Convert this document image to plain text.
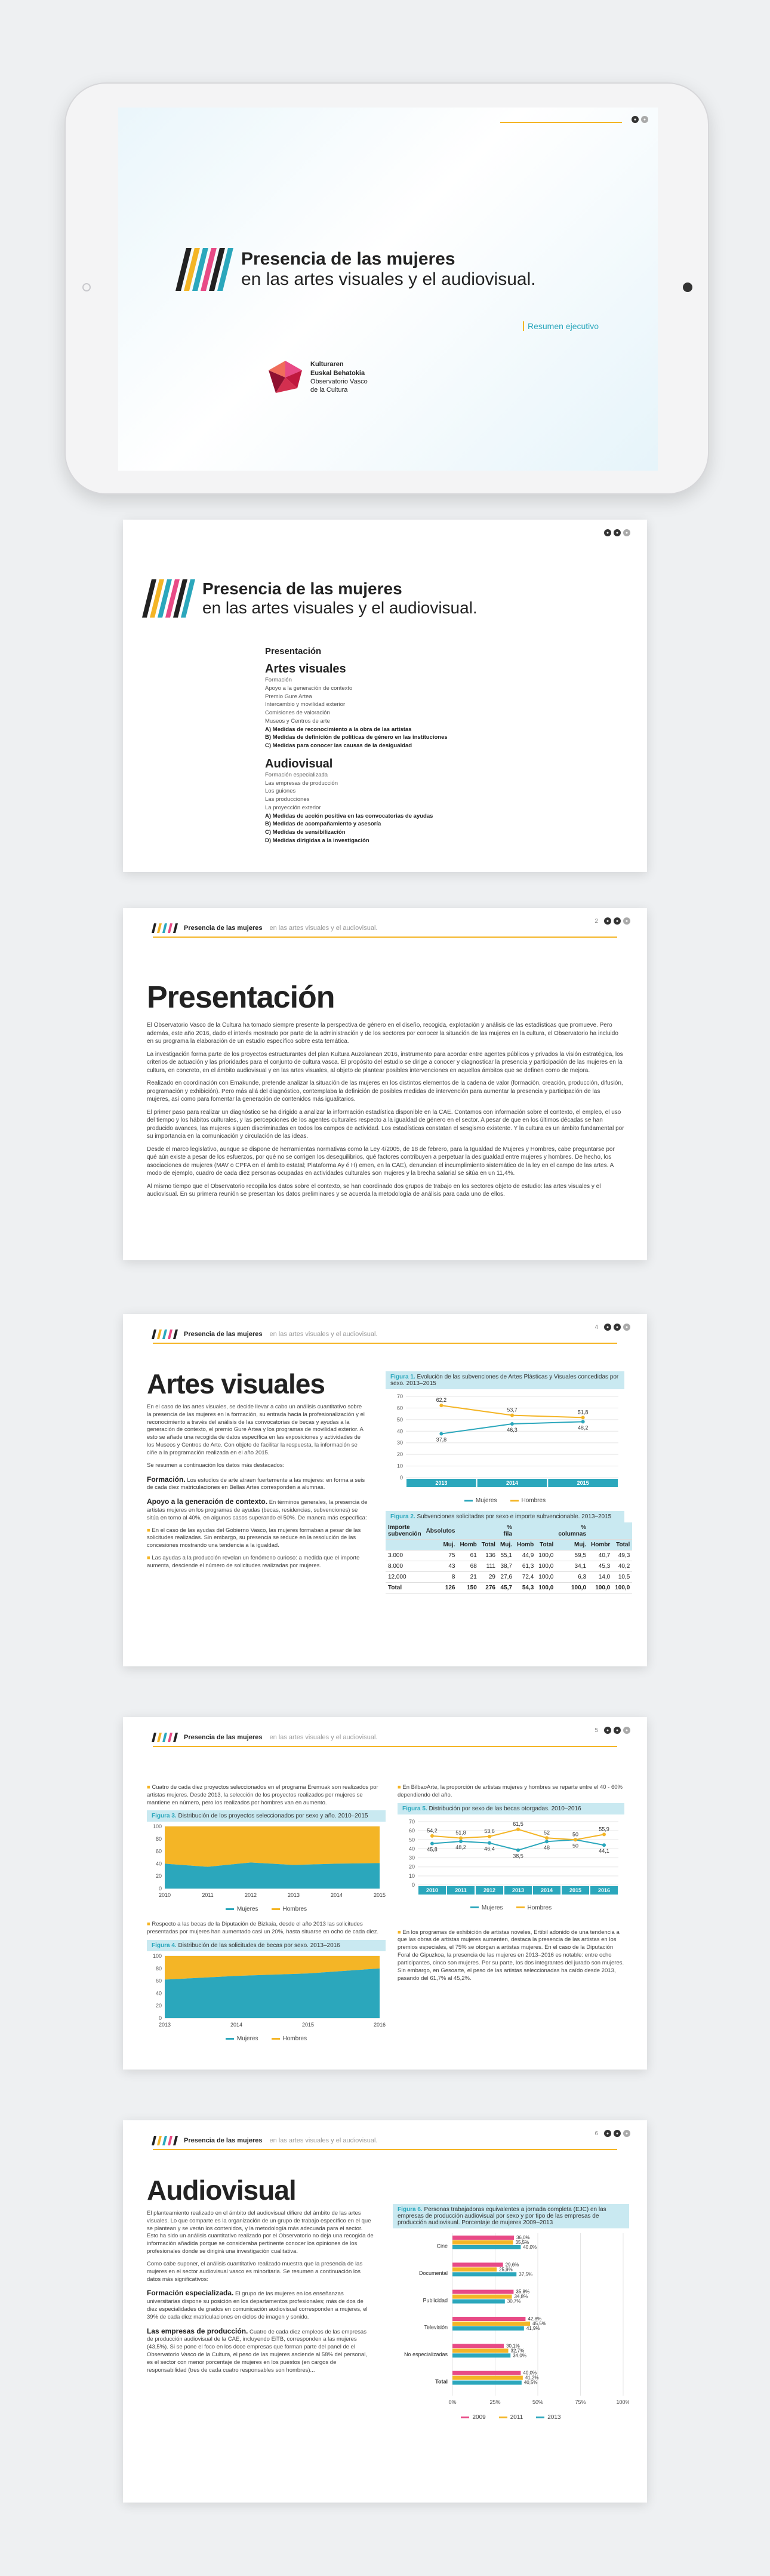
●	●
Presencia de las mujeres
en las artes visuales y el audiovisual.
Resumen ejecutivo
Kulturaren
Euskal Behatokia
Observatorio Vasco
de la Cultura
●	●	●
Presencia de las mujeres
en las artes visuales y el audiovisual.
Presentación
Artes visuales
Formación
Apoyo a la generación de contexto
Premio Gure Artea
Intercambio y movilidad exterior
Comisiones de valoración
Museos y Centros de arte
A) Medidas de reconocimiento a la obra de las artistas
B) Medidas de definición de políticas de género en las instituciones
C) Medidas para conocer las causas de la desigualdad
Audiovisual
Formación especializada
Las empresas de producción
Los guiones
Las producciones
La proyección exterior
A) Medidas de acción positiva en las convocatorias de ayudas
B) Medidas de acompañamiento y asesoría
C) Medidas de sensibilización
D) Medidas dirigidas a la investigación
Presencia de las mujeres en las artes visuales y el audiovisual.
2	●	●	●
Presentación

El Observatorio Vasco de la Cultura ha tomado siempre presente la perspectiva de género en el diseño, recogida, explotación y análisis de las estadísticas que promueve. Pero además, este año 2016, dado el interés mostrado por parte de la administración y de los sectores por conocer la situación de las mujeres en la cultura, el Observatorio ha incluido en su programa la elaboración de un estudio específico sobre esta temática.

La investigación forma parte de los proyectos estructurantes del plan Kultura Auzolanean 2016, instrumento para acordar entre agentes públicos y privados la visión estratégica, los criterios de actuación y las prioridades para el conjunto de cultura vasca. El propósito del estudio se dirige a conocer y diagnosticar la presencia y participación de las mujeres en la cultura, en concreto, en el ámbito audiovisual y en las artes visuales, al objeto de plantear posibles intervenciones en aquellos ámbitos que se definen como de mejora.

Realizado en coordinación con Emakunde, pretende analizar la situación de las mujeres en los distintos elementos de la cadena de valor (formación, creación, producción, difusión, programación y exhibición). Pero más allá del diagnóstico, contemplaba la definición de posibles medidas de intervención para aumentar la presencia y participación de las mujeres, así como para fomentar la generación de contenidos más igualitarios.

El primer paso para realizar un diagnóstico se ha dirigido a analizar la información estadística disponible en la CAE. Contamos con información sobre el contexto, el empleo, el uso del tiempo y los hábitos culturales, y las percepciones de los agentes culturales respecto a la igualdad de género en el sector. A pesar de que en los últimos décadas se han producido avances, las mujeres siguen discriminadas en todos los campos de actividad. Los estadísticas constatan el sesgismo existente. Y la cultura es un ámbito fundamental por su importancia en la comunicación y circulación de las ideas.

Desde el marco legislativo, aunque se dispone de herramientas normativas como la Ley 4/2005, de 18 de febrero, para la Igualdad de Mujeres y Hombres, cabe preguntarse por qué aún existe a pesar de los esfuerzos, por qué no se corrigen los desequilibrios, qué factores contribuyen a perpetuar la desigualdad entre mujeres y hombres. De hecho, los asociaciones de mujeres (MAV o CPFA en el ámbito estatal; Plataforma Ay é H) emen, en la CAE), denuncian el incumplimiento sistemático de la ley en el campo de las artes. A modo de ejemplo, cuadro de cada diez personas ocupadas en actividades culturales son mujeres y la brecha salarial se sitúa en un 11,4%.

Al mismo tiempo que el Observatorio recopila los datos sobre el contexto, se han coordinado dos grupos de trabajo en los sectores objeto de estudio: las artes visuales y el audiovisual. En su primera reunión se presentan los datos preliminares y se acuerda la metodología de análisis para cada uno de ellos.

Presencia de las mujeres en las artes visuales y el audiovisual.
4	●	●	●
Artes visuales

En el caso de las artes visuales, se decide llevar a cabo un análisis cuantitativo sobre la presencia de las mujeres en la formación, su entrada hacia la profesionalización y el reconocimiento a través del análisis de las convocatorias de becas y ayudas a la generación de contexto, el premio Gure Artea y los programas de movilidad exterior. A esto se añade una recogida de datos específica en las exposiciones y actividades de los Museos y Centros de Arte. Con objeto de facilitar la respuesta, la información se ciñe a la programación realizada en el año 2015.

Se resumen a continuación los datos más destacados:

Formación. Los estudios de arte atraen fuertemente a las mujeres: en forma a seis de cada diez matriculaciones en Bellas Artes corresponden a alumnas.

Apoyo a la generación de contexto. En términos generales, la presencia de artistas mujeres en los programas de ayudas (becas, residencias, subvenciones) se sitúa en torno al 40%, en algunos casos superando el 50%. De manera más específica:

■ En el caso de las ayudas del Gobierno Vasco, las mujeres formaban a pesar de las solicitudes realizadas. Sin embargo, su presencia se reduce en la resolución de las concesiones mostrando una tendencia a la igualdad.

■ Las ayudas a la producción revelan un fenómeno curioso: a medida que el importe aumenta, desciende el número de solicitudes realizadas por mujeres.

Figura 1. Evolución de las subvenciones de Artes Plásticas y Visuales concedidas por sexo. 2013–2015
0
10
20
30
40
50
60
70
2013	2014	2015
37,8
46,3	48,2
62,2
53,7	51,8
Mujeres	Hombres
Figura 2. Subvenciones solicitadas por sexo e importe subvencionable. 2013–2015
Importe subvención	Absolutos			% fila			% columnas		
	Muj.	Homb	Total	Muj.	Homb	Total	Muj.	Hombr	Total
3.000	75	61	136	55,1	44,9	100,0	59,5	40,7	49,3
8.000	43	68	111	38,7	61,3	100,0	34,1	45,3	40,2
12.000	8	21	29	27,6	72,4	100,0	6,3	14,0	10,5
Total	126	150	276	45,7	54,3	100,0	100,0	100,0	100,0
Presencia de las mujeres en las artes visuales y el audiovisual.
5	●	●	●

■ Cuatro de cada diez proyectos seleccionados en el programa Eremuak son realizados por artistas mujeres. Desde 2013, la selección de los proyectos realizados por mujeres se mantiene en número, pero los realizados por hombres van en aumento.

Figura 3. Distribución de los proyectos seleccionados por sexo y año. 2010–2015
0
20
40
60
80
100
2010	2011	2012	2013	2014	2015
Mujeres	Hombres

■ Respecto a las becas de la Diputación de Bizkaia, desde el año 2013 las solicitudes presentadas por mujeres han aumentado casi un 20%, hasta situarse en ocho de cada diez.

Figura 4. Distribución de las solicitudes de becas por sexo. 2013–2016
0
20
40
60
80
100
2013	2014	2015	2016
Mujeres	Hombres

■ En BilbaoArte, la proporción de artistas mujeres y hombres se reparte entre el 40 - 60% dependiendo del año.

Figura 5. Distribución por sexo de las becas otorgadas. 2010–2016
0
10
20
30
40
50
60
70
2010	2011	2012	2013	2014	2015	2016
45,8	48,2	46,4
38,5
48	50
44,1
54,2	51,8	53,6
61,5
52	50
55,9
Mujeres	Hombres

■ En los programas de exhibición de artistas noveles, Ertibil adonido de una tendencia a que las obras de artistas mujeres aumenten, destaca la presencia de las artistas en los premios especiales, el 75% se otorgan a artistas mujeres. En el caso de la Diputación Foral de Gipuzkoa, la presencia de las mujeres en 2013–2016 es notable: entre ocho participantes, cinco son mujeres. Por su parte, los dos integrantes del jurado son mujeres. Sin embargo, en Gesoarte, el peso de las artistas seleccionadas ha caído desde 2013, pasando del 61,7% al 45,2%.

Presencia de las mujeres en las artes visuales y el audiovisual.
6	●	●	●
Audiovisual

El planteamiento realizado en el ámbito del audiovisual difiere del ámbito de las artes visuales. Lo que comparte es la organización de un grupo de trabajo específico en el que se plantean y se verán los contenidos, y la metodología más adecuada para el sector. Esto ha sido un análisis cuantitativo realizado por el Observatorio no deja una recogida de información añadida porque se consideraba pertinente conocer los opiniones de los profesionales donde se dirigirá una investigación cualitativa.

Como cabe suponer, el análisis cuantitativo realizado muestra que la presencia de las mujeres en el sector audiovisual vasco es minoritaria. Se resumen a continuación los datos más significativos:

Formación especializada. El grupo de las mujeres en los enseñanzas universitarias dispone su posición en los departamentos profesionales; más de dos de diez especialidades de grados en comunicación audiovisual corresponden a mujeres, el 39% de cada diez matriculaciones en ciclos de imagen y sonido.

Las empresas de producción. Cuatro de cada diez empleos de las empresas de producción audiovisual de la CAE, incluyendo EiTB, corresponden a las mujeres (43,5%). Si se pone el foco en los doce empresas que forman parte del panel de el Observatorio Vasco de la Cultura, el peso de las mujeres asciende al 58% del personal, es el sector con menor porcentaje de mujeres en los puestos (en cargos de responsabilidad (tres de cada cuatro responsables son hombres)...

Figura 6. Personas trabajadoras equivalentes a jornada completa (EJC) en las empresas de producción audiovisual por sexo y por tipo de las empresas de producción audiovisual. Porcentaje de mujeres 2009–2013
0%	25%	50%	75%	100%
Cine
36,0%
35,5%
40,0%
Documental
29,6%
25,9%
37,5%
Publicidad
35,8%
34,8%
30,7%
Televisión
42,8%
45,5%
41,9%
No especializadas
30,1%
32,7%
34,0%
Total
40,0%
41,2%
40,5%
2009	2011	2013
